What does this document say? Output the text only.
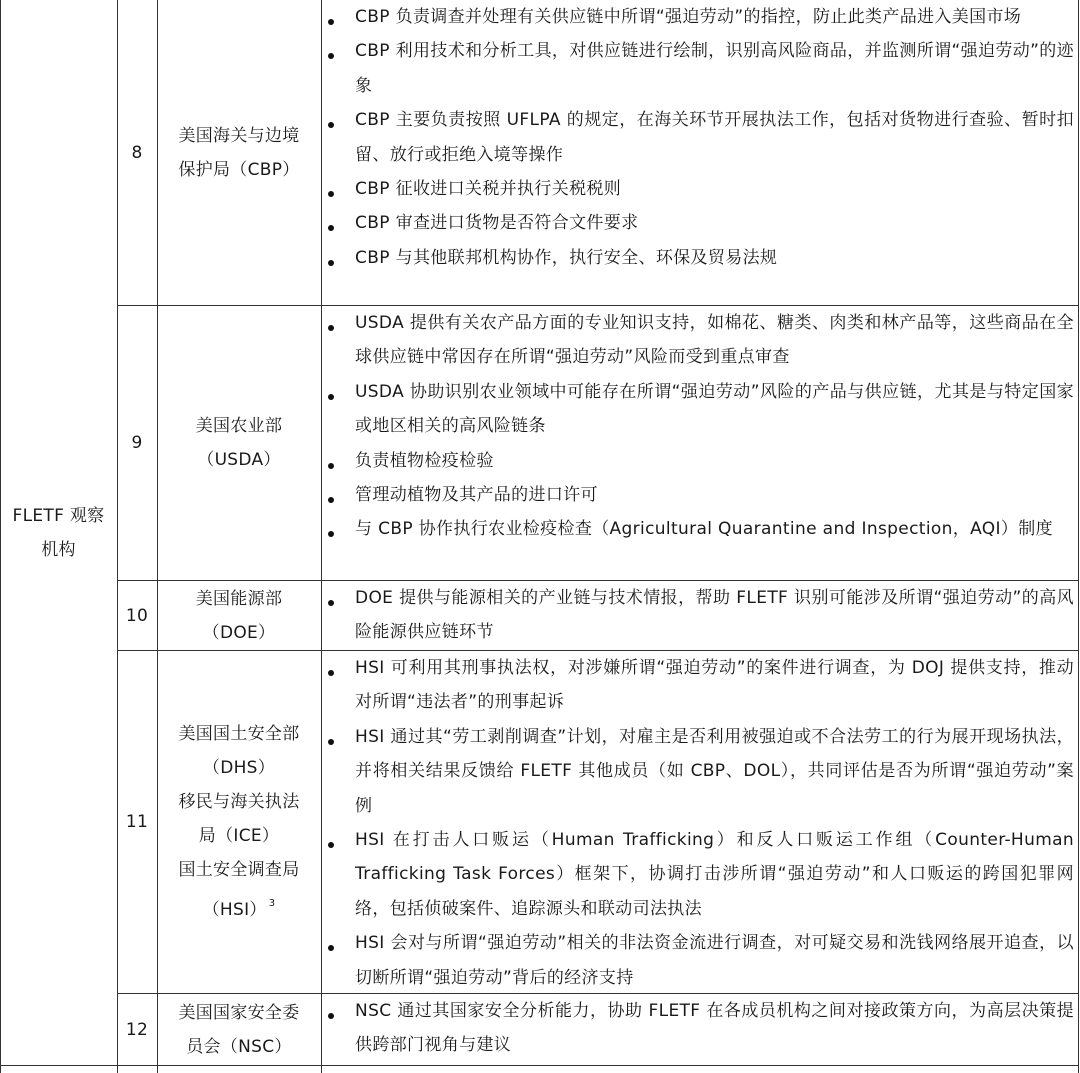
FLETF 观察
机构
8
美国海关与边境
保护局（CBP）
CBP 负责调查并处理有关供应链中所谓“强迫劳动”的指控，防止此类产品进入美国市场
CBP 利用技术和分析工具，对供应链进行绘制，识别高风险商品，并监测所谓“强迫劳动”的迹象
CBP 主要负责按照 UFLPA 的规定，在海关环节开展执法工作，包括对货物进行查验、暂时扣留、放行或拒绝入境等操作
CBP 征收进口关税并执行关税税则
CBP 审查进口货物是否符合文件要求
CBP 与其他联邦机构协作，执行安全、环保及贸易法规
9
美国农业部
（USDA）
USDA 提供有关农产品方面的专业知识支持，如棉花、糖类、肉类和林产品等，这些商品在全球供应链中常因存在所谓“强迫劳动”风险而受到重点审查
USDA 协助识别农业领域中可能存在所谓“强迫劳动”风险的产品与供应链，尤其是与特定国家或地区相关的高风险链条
负责植物检疫检验
管理动植物及其产品的进口许可
与 CBP 协作执行农业检疫检查（Agricultural Quarantine and Inspection，AQI）制度
10
美国能源部
（DOE）
DOE 提供与能源相关的产业链与技术情报，帮助 FLETF 识别可能涉及所谓“强迫劳动”的高风险能源供应链环节
11
美国国土安全部
（DHS）
移民与海关执法
局（ICE）
国土安全调查局
（HSI） $^3$
HSI 可利用其刑事执法权，对涉嫌所谓“强迫劳动”的案件进行调查，为 DOJ 提供支持，推动对所谓“违法者”的刑事起诉
HSI 通过其“劳工剥削调查”计划，对雇主是否利用被强迫或不合法劳工的行为展开现场执法，并将相关结果反馈给 FLETF 其他成员（如 CBP、DOL），共同评估是否为所谓“强迫劳动”案例
HSI 在打击人口贩运（Human Trafficking）和反人口贩运工作组（Counter-Human Trafficking Task Forces）框架下，协调打击涉所谓“强迫劳动”和人口贩运的跨国犯罪网络，包括侦破案件、追踪源头和联动司法执法
HSI 会对与所谓“强迫劳动”相关的非法资金流进行调查，对可疑交易和洗钱网络展开追查，以切断所谓“强迫劳动”背后的经济支持
12
美国国家安全委
员会（NSC）
NSC 通过其国家安全分析能力，协助 FLETF 在各成员机构之间对接政策方向，为高层决策提供跨部门视角与建议
